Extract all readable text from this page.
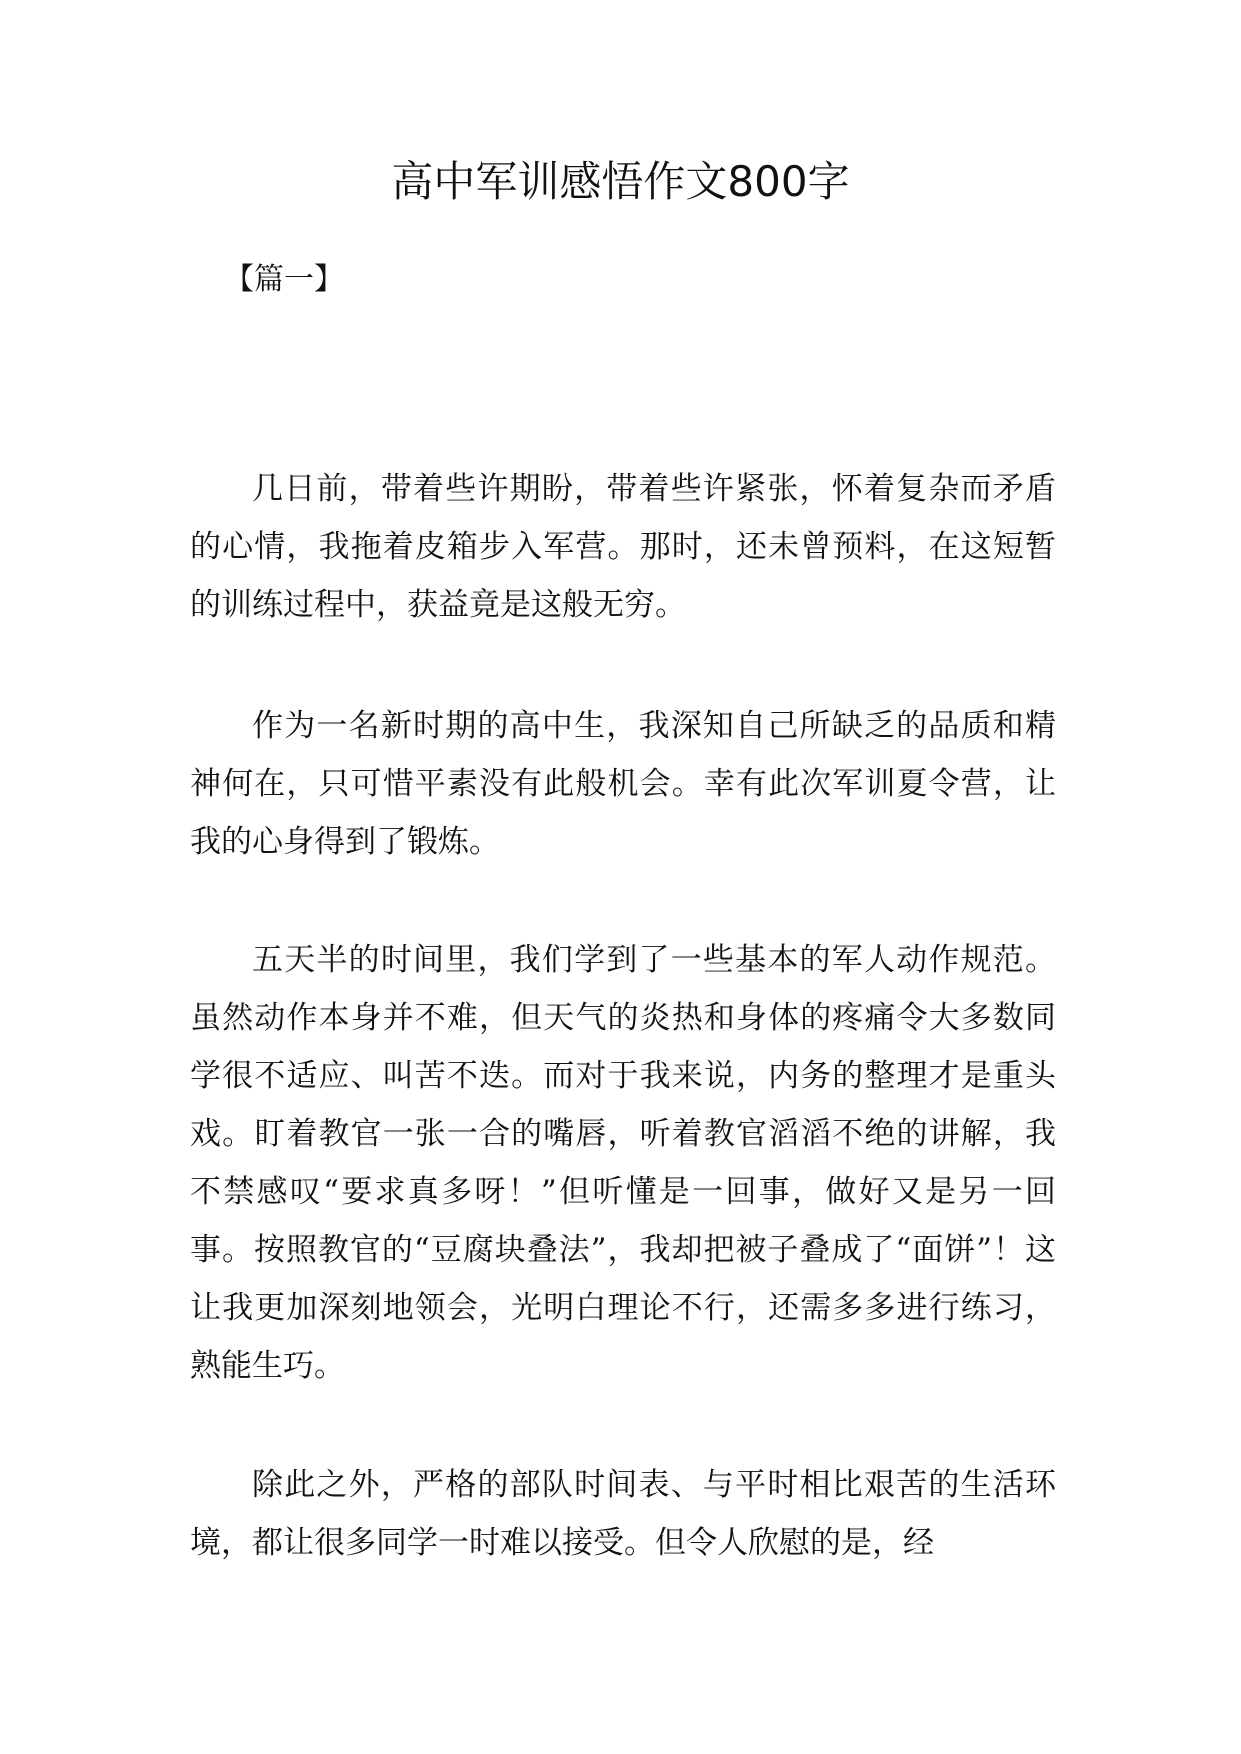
高中军训感悟作文800字
【篇一】

几日前，带着些许期盼，带着些许紧张，怀着复杂而矛盾的心情，我拖着皮箱步入军营。那时，还未曾预料，在这短暂的训练过程中，获益竟是这般无穷。

作为一名新时期的高中生，我深知自己所缺乏的品质和精神何在，只可惜平素没有此般机会。幸有此次军训夏令营，让我的心身得到了锻炼。

五天半的时间里，我们学到了一些基本的军人动作规范。虽然动作本身并不难，但天气的炎热和身体的疼痛令大多数同学很不适应、叫苦不迭。而对于我来说，内务的整理才是重头戏。盯着教官一张一合的嘴唇，听着教官滔滔不绝的讲解，我不禁感叹“要求真多呀！”但听懂是一回事，做好又是另一回事。按照教官的“豆腐块叠法”，我却把被子叠成了“面饼”！这让我更加深刻地领会，光明白理论不行，还需多多进行练习，熟能生巧。

除此之外，严格的部队时间表、与平时相比艰苦的生活环境，都让很多同学一时难以接受。但令人欣慰的是，经
